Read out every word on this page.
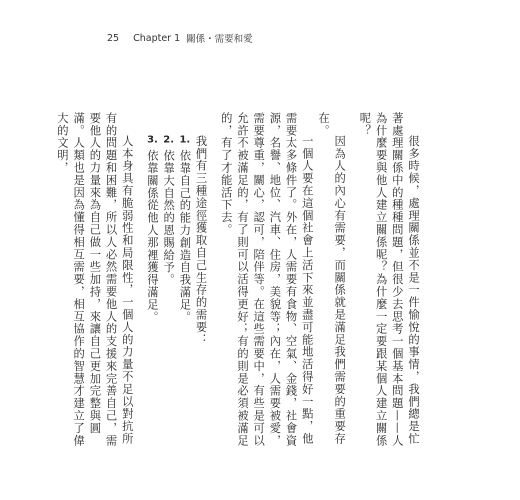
25 Chapter 1 關係・需要和愛

很多時候，處理關係並不是一件愉悅的事情，我們總是忙著處理關係中的種種問題，但很少去思考一個基本問題——人為什麼要與他人建立關係呢？為什麼一定要跟某個人建立關係呢？

因為人的內心有需要，而關係就是滿足我們需要的重要存在。

一個人要在這個社會上活下來並盡可能地活得好一點，他需要太多條件了。外在，人需要有食物、空氣、金錢，社會資源，名譽、地位、汽車、住房，美貌等；內在，人需要被愛，需要尊重，關心，認可，陪伴等。在這些需要中，有些是可以允許不被滿足的，有了則可以活得更好；有的則是必須被滿足的，有了才能活下去。

我們有三種途徑獲取自己生存的需要：

1. 依靠自己的能力創造自我滿足。

2. 依靠大自然的恩賜給予。

3. 依靠關係從他人那裡獲得滿足。

人本身具有脆弱性和局限性，一個人的力量不足以對抗所有的問題和困難，所以人必然需要他人的支援來完善自己，需要他人的力量來為自己做一些加持，來讓自己更加完整與圓滿。人類也是因為懂得相互需要，相互協作的智慧才建立了偉大的文明，
